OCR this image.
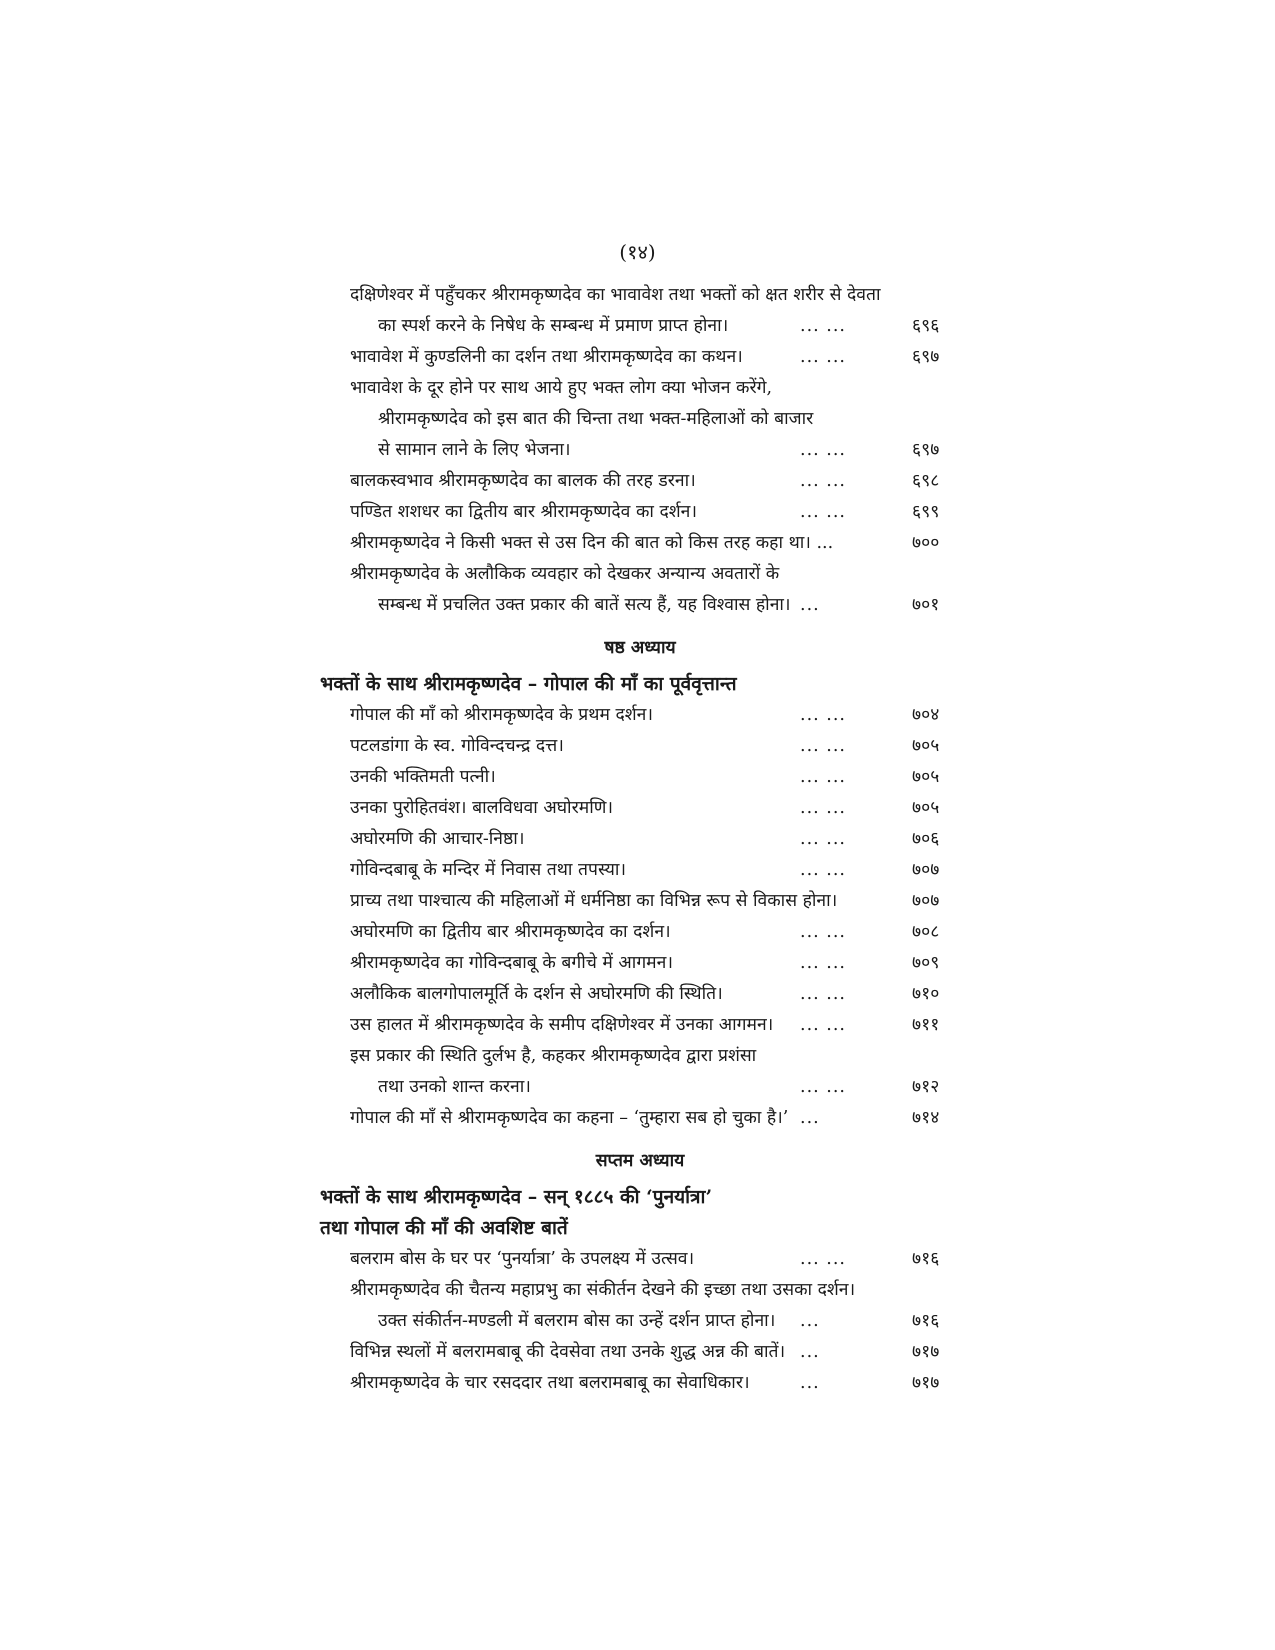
(१४)
दक्षिणेश्वर में पहुँचकर श्रीरामकृष्णदेव का भावावेश तथा भक्तों को क्षत शरीर से देवता
का स्पर्श करने के निषेध के सम्बन्ध में प्रमाण प्राप्त होना।	... ...	६९६
भावावेश में कुण्डलिनी का दर्शन तथा श्रीरामकृष्णदेव का कथन।	... ...	६९७
भावावेश के दूर होने पर साथ आये हुए भक्त लोग क्या भोजन करेंगे,
श्रीरामकृष्णदेव को इस बात की चिन्ता तथा भक्त-महिलाओं को बाजार
से सामान लाने के लिए भेजना।	... ...	६९७
बालकस्वभाव श्रीरामकृष्णदेव का बालक की तरह डरना।	... ...	६९८
पण्डित शशधर का द्वितीय बार श्रीरामकृष्णदेव का दर्शन।	... ...	६९९
श्रीरामकृष्णदेव ने किसी भक्त से उस दिन की बात को किस तरह कहा था। ...	७००
श्रीरामकृष्णदेव के अलौकिक व्यवहार को देखकर अन्यान्य अवतारों के
सम्बन्ध में प्रचलित उक्त प्रकार की बातें सत्य हैं, यह विश्वास होना। ...	७०१
षष्ठ अध्याय
भक्तों के साथ श्रीरामकृष्णदेव – गोपाल की माँ का पूर्ववृत्तान्त
गोपाल की माँ को श्रीरामकृष्णदेव के प्रथम दर्शन।	... ...	७०४
पटलडांगा के स्व. गोविन्दचन्द्र दत्त।	... ...	७०५
उनकी भक्तिमती पत्नी।	... ...	७०५
उनका पुरोहितवंश। बालविधवा अघोरमणि।	... ...	७०५
अघोरमणि की आचार-निष्ठा।	... ...	७०६
गोविन्दबाबू के मन्दिर में निवास तथा तपस्या।	... ...	७०७
प्राच्य तथा पाश्चात्य की महिलाओं में धर्मनिष्ठा का विभिन्न रूप से विकास होना।	७०७
अघोरमणि का द्वितीय बार श्रीरामकृष्णदेव का दर्शन।	... ...	७०८
श्रीरामकृष्णदेव का गोविन्दबाबू के बगीचे में आगमन।	... ...	७०९
अलौकिक बालगोपालमूर्ति के दर्शन से अघोरमणि की स्थिति।	... ...	७१०
उस हालत में श्रीरामकृष्णदेव के समीप दक्षिणेश्वर में उनका आगमन। ... ...	७११
इस प्रकार की स्थिति दुर्लभ है, कहकर श्रीरामकृष्णदेव द्वारा प्रशंसा
तथा उनको शान्त करना।	... ...	७१२
गोपाल की माँ से श्रीरामकृष्णदेव का कहना – ‘तुम्हारा सब हो चुका है।’ ...	७१४
सप्तम अध्याय
भक्तों के साथ श्रीरामकृष्णदेव – सन् १८८५ की ‘पुनर्यात्रा’
तथा गोपाल की माँ की अवशिष्ट बातें
बलराम बोस के घर पर ‘पुनर्यात्रा’ के उपलक्ष्य में उत्सव।	... ...	७१६
श्रीरामकृष्णदेव की चैतन्य महाप्रभु का संकीर्तन देखने की इच्छा तथा उसका दर्शन।
उक्त संकीर्तन-मण्डली में बलराम बोस का उन्हें दर्शन प्राप्त होना। ...	७१६
विभिन्न स्थलों में बलरामबाबू की देवसेवा तथा उनके शुद्ध अन्न की बातें। ...	७१७
श्रीरामकृष्णदेव के चार रसददार तथा बलरामबाबू का सेवाधिकार।	...	७१७
